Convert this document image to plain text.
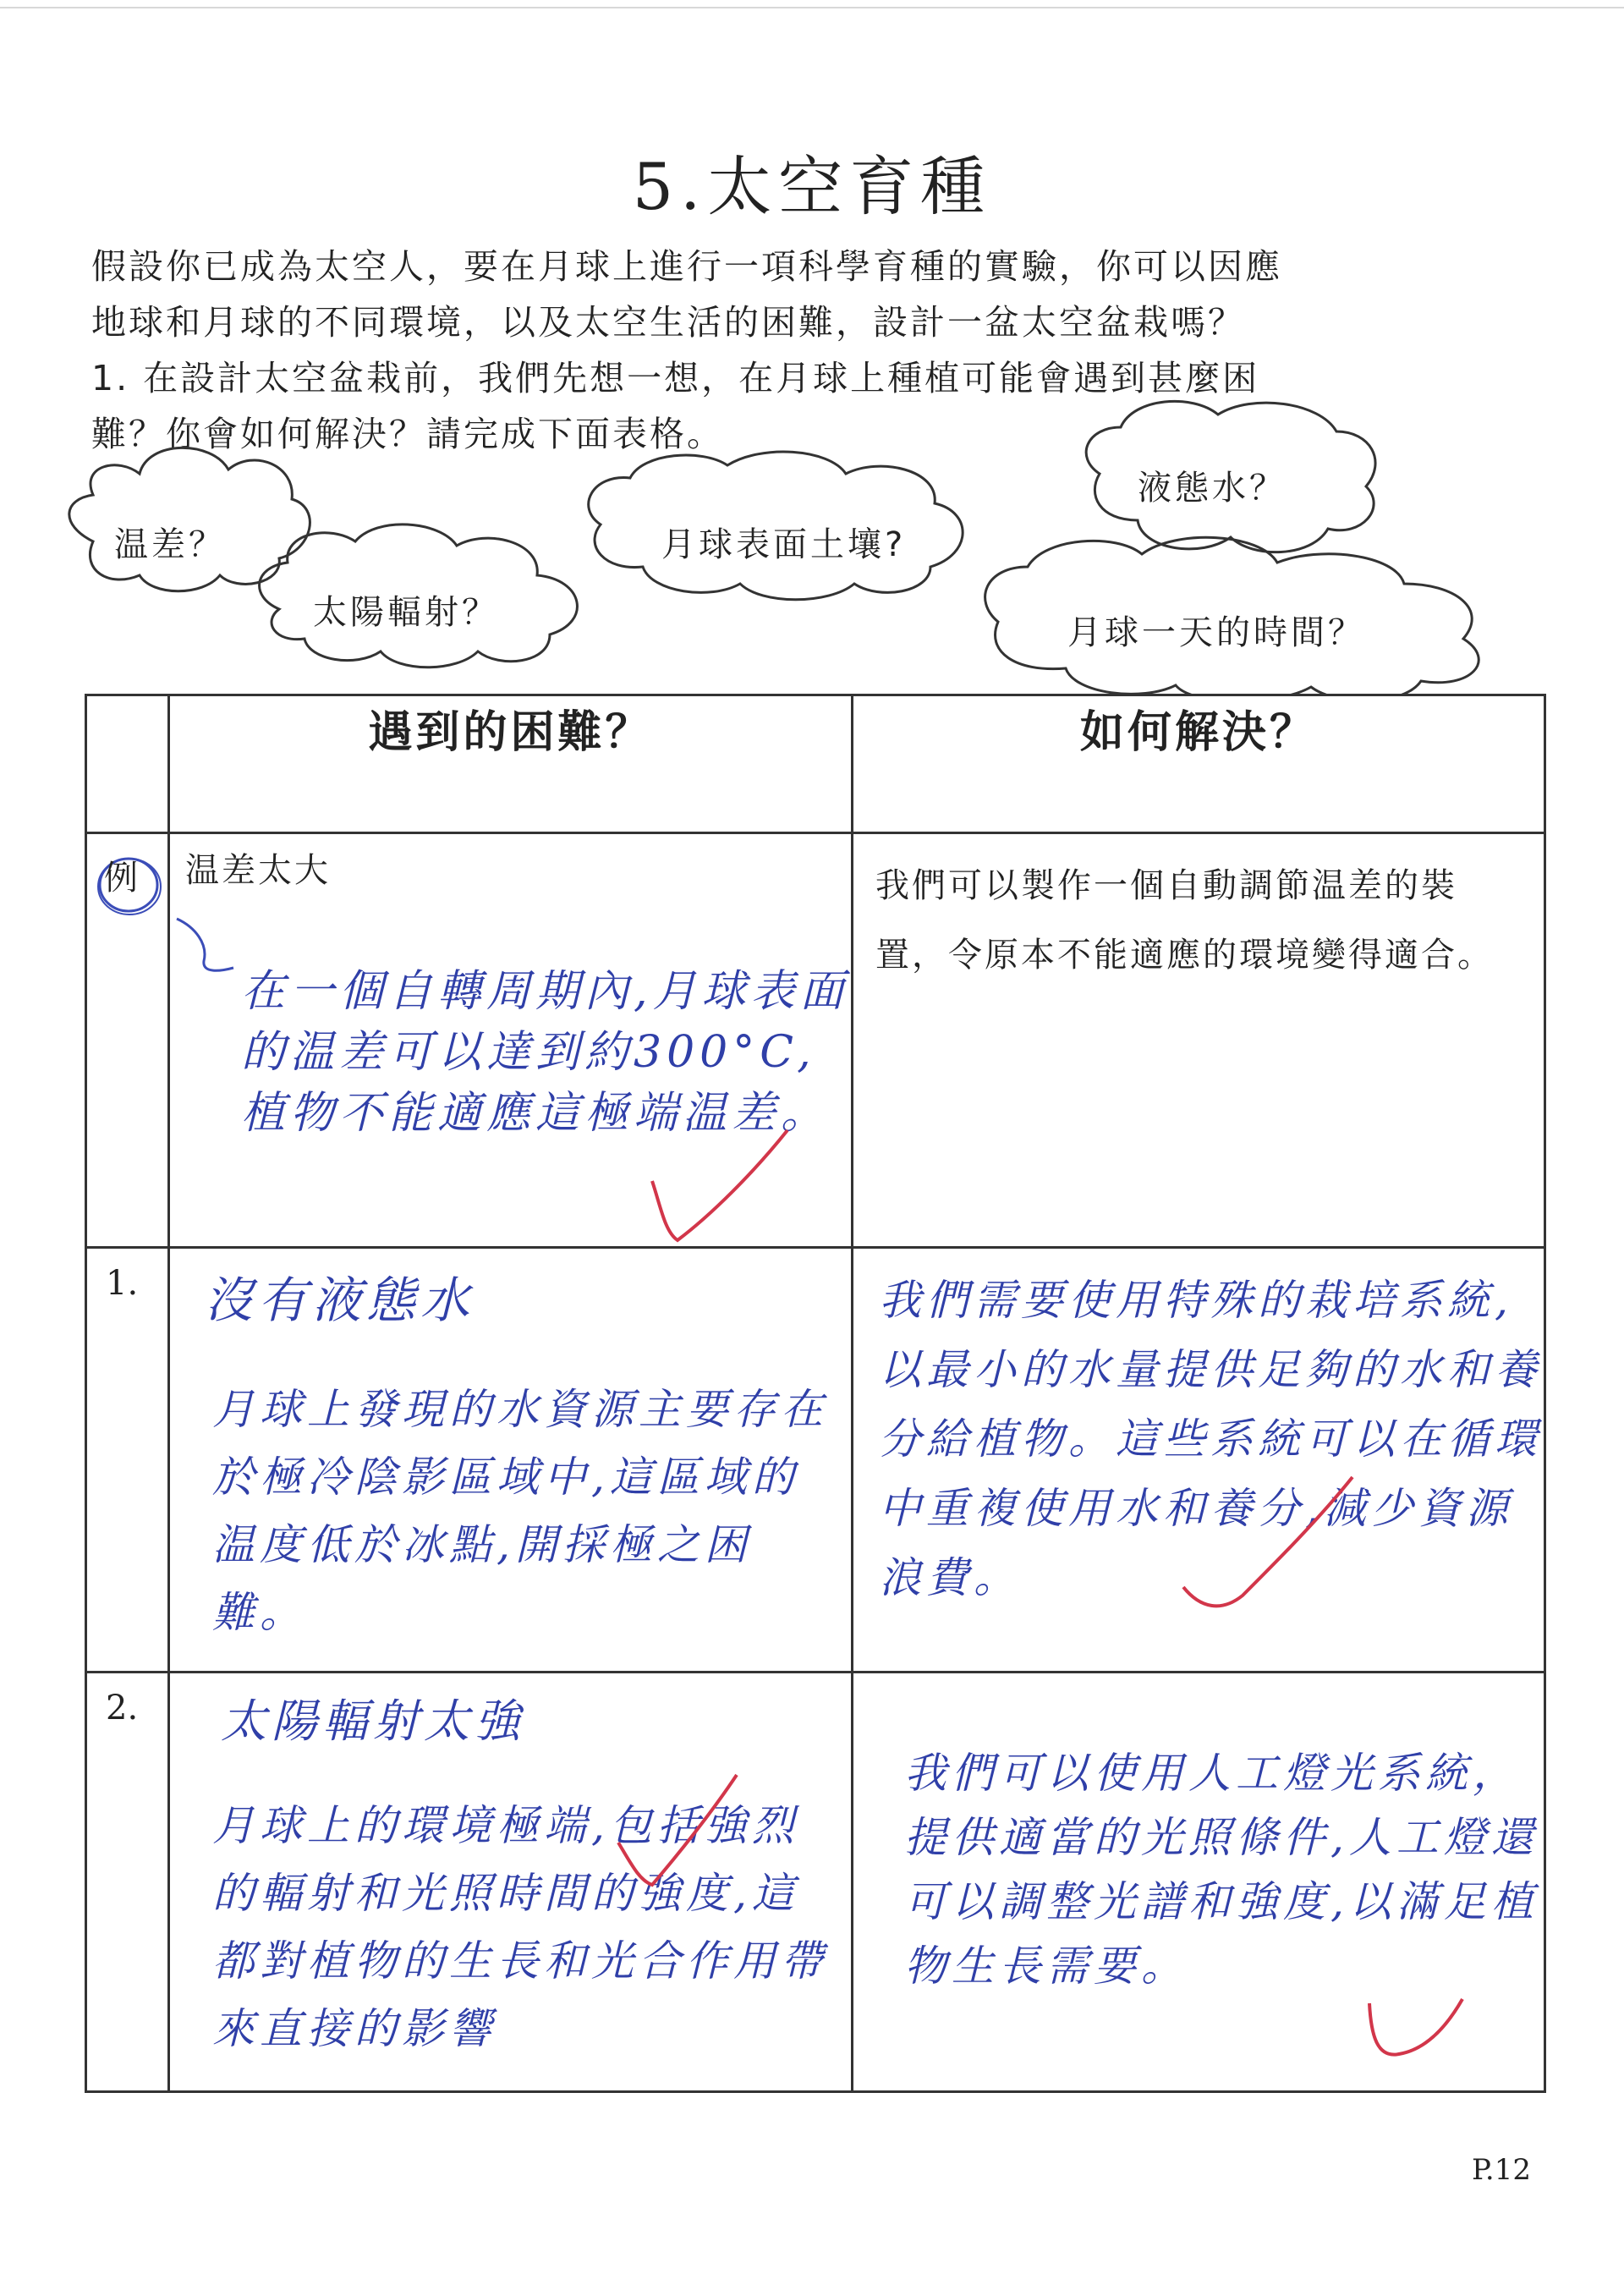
5.太空育種

假設你已成為太空人，要在月球上進行一項科學育種的實驗，你可以因應

地球和月球的不同環境，以及太空生活的困難，設計一盆太空盆栽嗎？

1. 在設計太空盆栽前，我們先想一想，在月球上種植可能會遇到甚麼困

難？你會如何解決？請完成下面表格。

温差？
太陽輻射？
月球表面土壤?
液態水？
月球一天的時間？
	遇到的困難？	如何解決？

例	温差太大
在一個自轉周期內,月球表面的温差可以達到約300°C,植物不能適應這極端温差。	我們可以製作一個自動調節温差的裝置，令原本不能適應的環境變得適合。

1.	沒有液態水
月球上發現的水資源主要存在於極冷陰影區域中,這區域的温度低於冰點,開採極之困難。	我們需要使用特殊的栽培系統,以最小的水量提供足夠的水和養分給植物。這些系統可以在循環中重複使用水和養分,減少資源浪費。

2.	太陽輻射太強
月球上的環境極端,包括強烈的輻射和光照時間的強度,這都對植物的生長和光合作用帶來直接的影響	我們可以使用人工燈光系統，提供適當的光照條件,人工燈還可以調整光譜和強度,以滿足植物生長需要。
P.12
